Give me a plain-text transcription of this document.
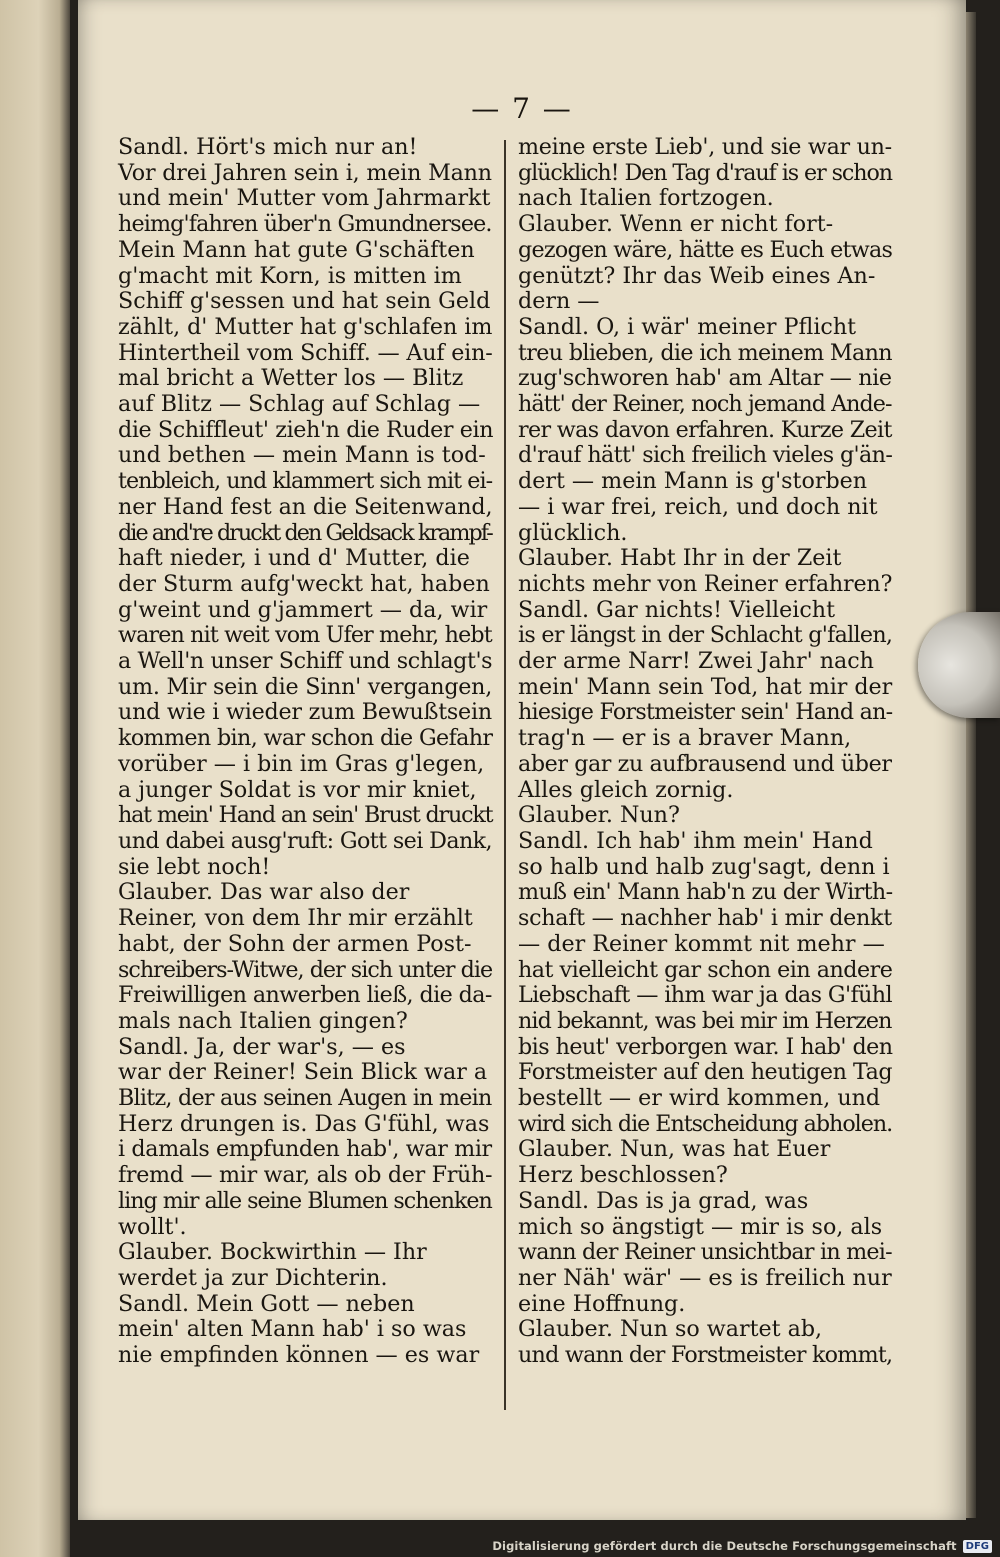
— 7 —
Sandl. Hört's mich nur an!
Vor drei Jahren sein i, mein Mann
und mein' Mutter vom Jahrmarkt
heimg'fahren über'n Gmundnersee.
Mein Mann hat gute G'schäften
g'macht mit Korn, is mitten im
Schiff g'sessen und hat sein Geld
zählt, d' Mutter hat g'schlafen im
Hintertheil vom Schiff. — Auf ein-
mal bricht a Wetter los — Blitz
auf Blitz — Schlag auf Schlag —
die Schiffleut' zieh'n die Ruder ein
und bethen — mein Mann is tod-
tenbleich, und klammert sich mit ei-
ner Hand fest an die Seitenwand,
die and're druckt den Geldsack krampf-
haft nieder, i und d' Mutter, die
der Sturm aufg'weckt hat, haben
g'weint und g'jammert — da, wir
waren nit weit vom Ufer mehr, hebt
a Well'n unser Schiff und schlagt's
um. Mir sein die Sinn' vergangen,
und wie i wieder zum Bewußtsein
kommen bin, war schon die Gefahr
vorüber — i bin im Gras g'legen,
a junger Soldat is vor mir kniet,
hat mein' Hand an sein' Brust druckt
und dabei ausg'ruft: Gott sei Dank,
sie lebt noch!
Glauber. Das war also der
Reiner, von dem Ihr mir erzählt
habt, der Sohn der armen Post-
schreibers-Witwe, der sich unter die
Freiwilligen anwerben ließ, die da-
mals nach Italien gingen?
Sandl. Ja, der war's, — es
war der Reiner! Sein Blick war a
Blitz, der aus seinen Augen in mein
Herz drungen is. Das G'fühl, was
i damals empfunden hab', war mir
fremd — mir war, als ob der Früh-
ling mir alle seine Blumen schenken
wollt'.
Glauber. Bockwirthin — Ihr
werdet ja zur Dichterin.
Sandl. Mein Gott — neben
mein' alten Mann hab' i so was
nie empfinden können — es war
meine erste Lieb', und sie war un-
glücklich! Den Tag d'rauf is er schon
nach Italien fortzogen.
Glauber. Wenn er nicht fort-
gezogen wäre, hätte es Euch etwas
genützt? Ihr das Weib eines An-
dern —
Sandl. O, i wär' meiner Pflicht
treu blieben, die ich meinem Mann
zug'schworen hab' am Altar — nie
hätt' der Reiner, noch jemand Ande-
rer was davon erfahren. Kurze Zeit
d'rauf hätt' sich freilich vieles g'än-
dert — mein Mann is g'storben
— i war frei, reich, und doch nit
glücklich.
Glauber. Habt Ihr in der Zeit
nichts mehr von Reiner erfahren?
Sandl. Gar nichts! Vielleicht
is er längst in der Schlacht g'fallen,
der arme Narr! Zwei Jahr' nach
mein' Mann sein Tod, hat mir der
hiesige Forstmeister sein' Hand an-
trag'n — er is a braver Mann,
aber gar zu aufbrausend und über
Alles gleich zornig.
Glauber. Nun?
Sandl. Ich hab' ihm mein' Hand
so halb und halb zug'sagt, denn i
muß ein' Mann hab'n zu der Wirth-
schaft — nachher hab' i mir denkt
— der Reiner kommt nit mehr —
hat vielleicht gar schon ein andere
Liebschaft — ihm war ja das G'fühl
nid bekannt, was bei mir im Herzen
bis heut' verborgen war. I hab' den
Forstmeister auf den heutigen Tag
bestellt — er wird kommen, und
wird sich die Entscheidung abholen.
Glauber. Nun, was hat Euer
Herz beschlossen?
Sandl. Das is ja grad, was
mich so ängstigt — mir is so, als
wann der Reiner unsichtbar in mei-
ner Näh' wär' — es is freilich nur
eine Hoffnung.
Glauber. Nun so wartet ab,
und wann der Forstmeister kommt,
Digitalisierung gefördert durch die Deutsche Forschungsgemeinschaft DFG
